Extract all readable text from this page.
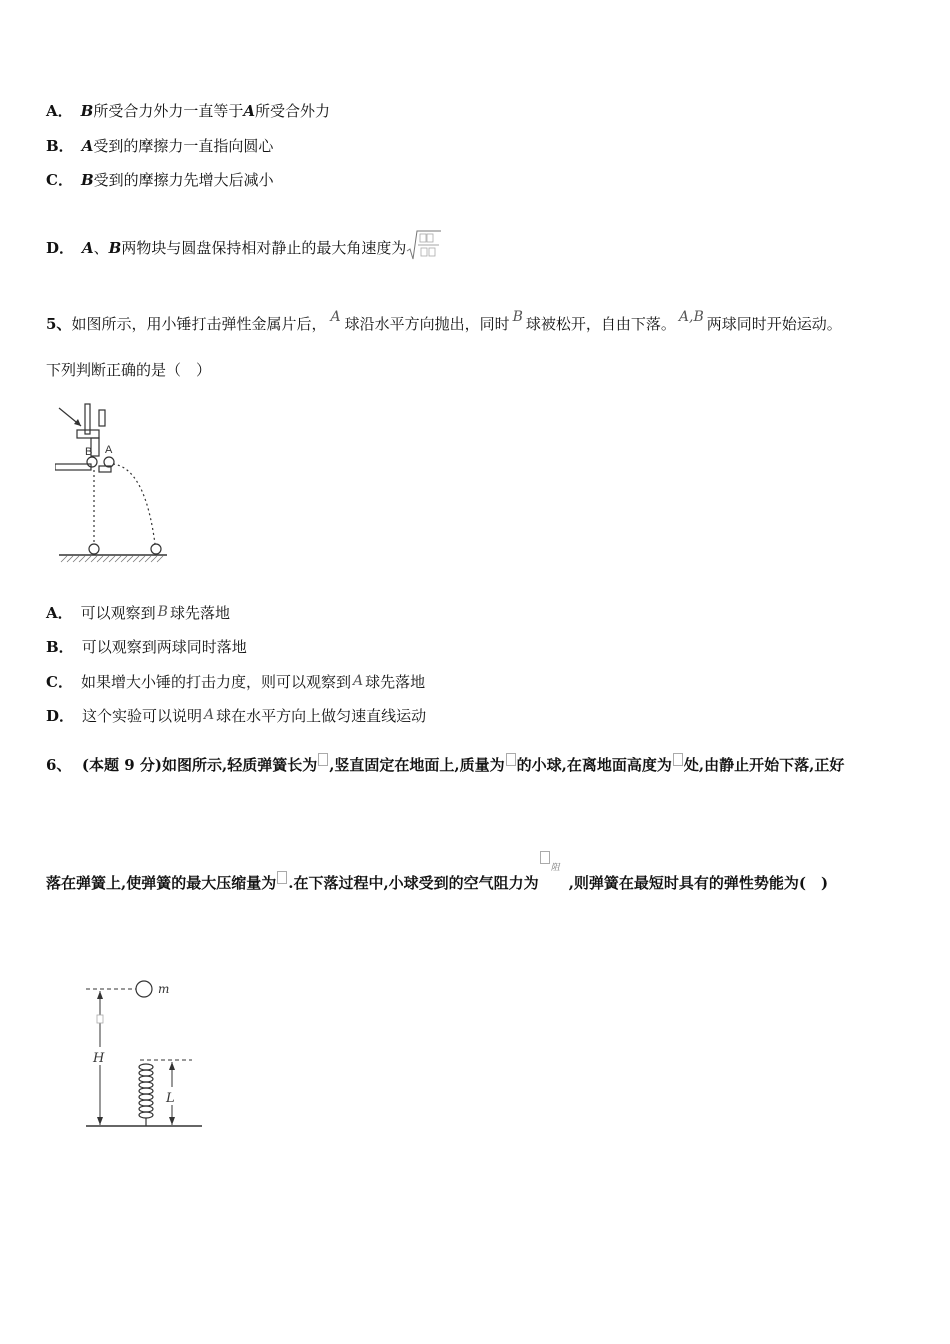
A． B所受合力外力一直等于A所受合外力
B． A受到的摩擦力一直指向圆心
C． B受到的摩擦力先增大后减小
D． A、B两物块与圆盘保持相对静止的最大角速度为
5、如图所示，用小锤打击弹性金属片后， A 球沿水平方向抛出，同时 B 球被松开，自由下落。 A,B 两球同时开始运动。
下列判断正确的是（　）
B A
A． 可以观察到 B 球先落地
B． 可以观察到两球同时落地
C． 如果增大小锤的打击力度，则可以观察到 A 球先落地
D． 这个实验可以说明 A 球在水平方向上做匀速直线运动
6、 (本题 9 分)如图所示,轻质弹簧长为 ,竖直固定在地面上,质量为 的小球,在离地面高度为 处,由静止开始下落,正好
落在弹簧上,使弹簧的最大压缩量为 .在下落过程中,小球受到的空气阻力为
阻
,则弹簧在最短时具有的弹性势能为(　)
m
H
L
